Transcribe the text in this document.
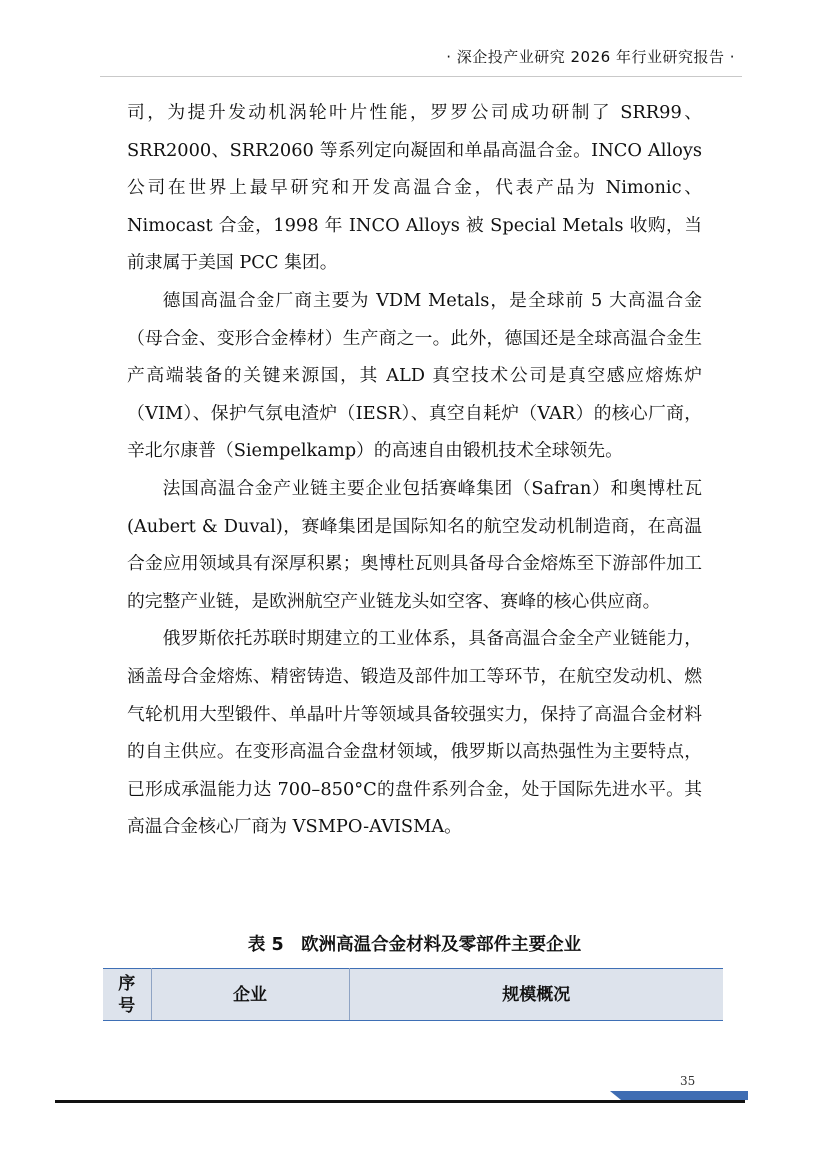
· 深企投产业研究 2026 年行业研究报告 ·

司，为提升发动机涡轮叶片性能，罗罗公司成功研制了 SRR99、SRR2000、SRR2060 等系列定向凝固和单晶高温合金。INCO Alloys 公司在世界上最早研究和开发高温合金，代表产品为 Nimonic、Nimocast 合金，1998 年 INCO Alloys 被 Special Metals 收购，当前隶属于美国 PCC 集团。

德国高温合金厂商主要为 VDM Metals，是全球前 5 大高温合金（母合金、变形合金棒材）生产商之一。此外，德国还是全球高温合金生产高端装备的关键来源国，其 ALD 真空技术公司是真空感应熔炼炉（VIM）、保护气氛电渣炉（IESR）、真空自耗炉（VAR）的核心厂商，辛北尔康普（Siempelkamp）的高速自由锻机技术全球领先。

法国高温合金产业链主要企业包括赛峰集团（Safran）和奥博杜瓦 (Aubert & Duval)，赛峰集团是国际知名的航空发动机制造商，在高温合金应用领域具有深厚积累；奥博杜瓦则具备母合金熔炼至下游部件加工的完整产业链，是欧洲航空产业链龙头如空客、赛峰的核心供应商。

俄罗斯依托苏联时期建立的工业体系，具备高温合金全产业链能力，涵盖母合金熔炼、精密铸造、锻造及部件加工等环节，在航空发动机、燃气轮机用大型锻件、单晶叶片等领域具备较强实力，保持了高温合金材料的自主供应。在变形高温合金盘材领域，俄罗斯以高热强性为主要特点，已形成承温能力达 700–850°C的盘件系列合金，处于国际先进水平。其高温合金核心厂商为 VSMPO-AVISMA。

表 5　欧洲高温合金材料及零部件主要企业
序号	企业	规模概况
35
